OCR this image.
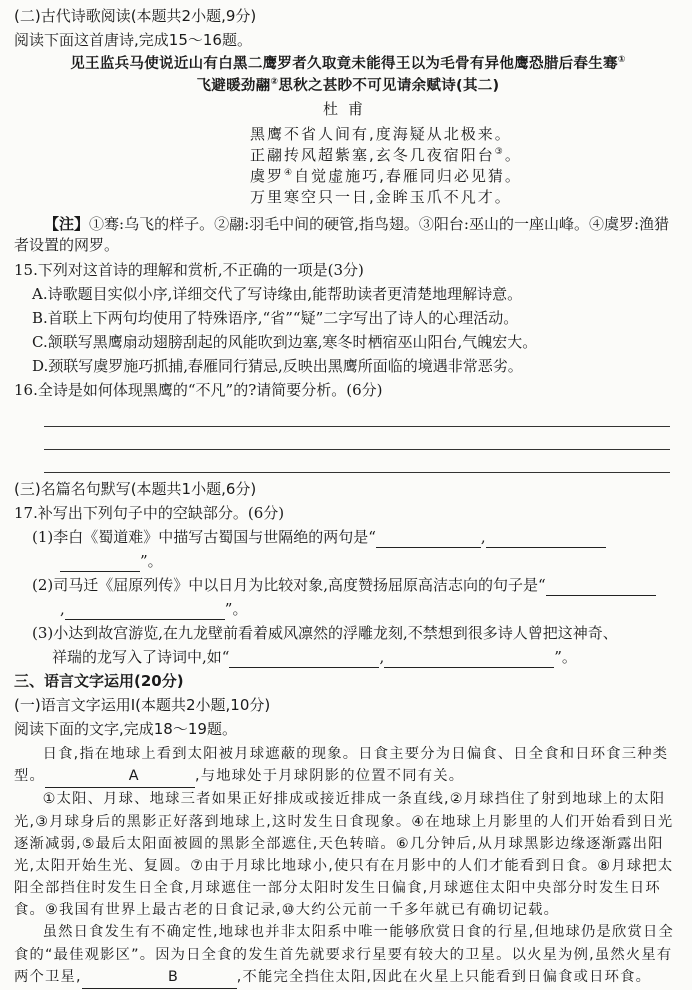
(二)古代诗歌阅读(本题共2小题,9分)
阅读下面这首唐诗,完成15～16题。
见王监兵马使说近山有白黑二鹰罗者久取竟未能得王以为毛骨有异他鹰恐腊后春生骞①
飞避暖劲翮②思秋之甚眇不可见请余赋诗(其二)
杜甫
黑鹰不省人间有,度海疑从北极来。
正翮抟风超紫塞,玄冬几夜宿阳台③。
虞罗④自觉虚施巧,春雁同归必见猜。
万里寒空只一日,金眸玉爪不凡才。
【注】①骞:乌飞的样子。②翮:羽毛中间的硬管,指鸟翅。③阳台:巫山的一座山峰。④虞罗:渔猎者设置的网罗。
15.下列对这首诗的理解和赏析,不正确的一项是(3分)
A.诗歌题目实似小序,详细交代了写诗缘由,能帮助读者更清楚地理解诗意。
B.首联上下两句均使用了特殊语序,“省”“疑”二字写出了诗人的心理活动。
C.颔联写黑鹰扇动翅膀刮起的风能吹到边塞,寒冬时栖宿巫山阳台,气魄宏大。
D.颈联写虞罗施巧抓捕,春雁同行猜忌,反映出黑鹰所面临的境遇非常恶劣。
16.全诗是如何体现黑鹰的“不凡”的?请简要分析。(6分)
(三)名篇名句默写(本题共1小题,6分)
17.补写出下列句子中的空缺部分。(6分)
(1)李白《蜀道难》中描写古蜀国与世隔绝的两句是“	,
”。
(2)司马迁《屈原列传》中以日月为比较对象,高度赞扬屈原高洁志向的句子是“
,	”。
(3)小达到故宫游览,在九龙壁前看着威风凛然的浮雕龙刻,不禁想到很多诗人曾把这神奇、
祥瑞的龙写入了诗词中,如“	,	”。
三、语言文字运用(20分)
(一)语言文字运用Ⅰ(本题共2小题,10分)
阅读下面的文字,完成18～19题。

日食,指在地球上看到太阳被月球遮蔽的现象。日食主要分为日偏食、日全食和日环食三种类型。	A	,与地球处于月球阴影的位置不同有关。

①太阳、月球、地球三者如果正好排成或接近排成一条直线,②月球挡住了射到地球上的太阳光,③月球身后的黑影正好落到地球上,这时发生日食现象。④在地球上月影里的人们开始看到日光逐渐减弱,⑤最后太阳面被圆的黑影全部遮住,天色转暗。⑥几分钟后,从月球黑影边缘逐渐露出阳光,太阳开始生光、复圆。⑦由于月球比地球小,使只有在月影中的人们才能看到日食。⑧月球把太阳全部挡住时发生日全食,月球遮住一部分太阳时发生日偏食,月球遮住太阳中央部分时发生日环食。⑨我国有世界上最古老的日食记录,⑩大约公元前一千多年就已有确切记载。

虽然日食发生有不确定性,地球也并非太阳系中唯一能够欣赏日食的行星,但地球仍是欣赏日全食的“最佳观影区”。因为日全食的发生首先就要求行星要有较大的卫星。以火星为例,虽然火星有两个卫星,	B	,不能完全挡住太阳,因此在火星上只能看到日偏食或日环食。
